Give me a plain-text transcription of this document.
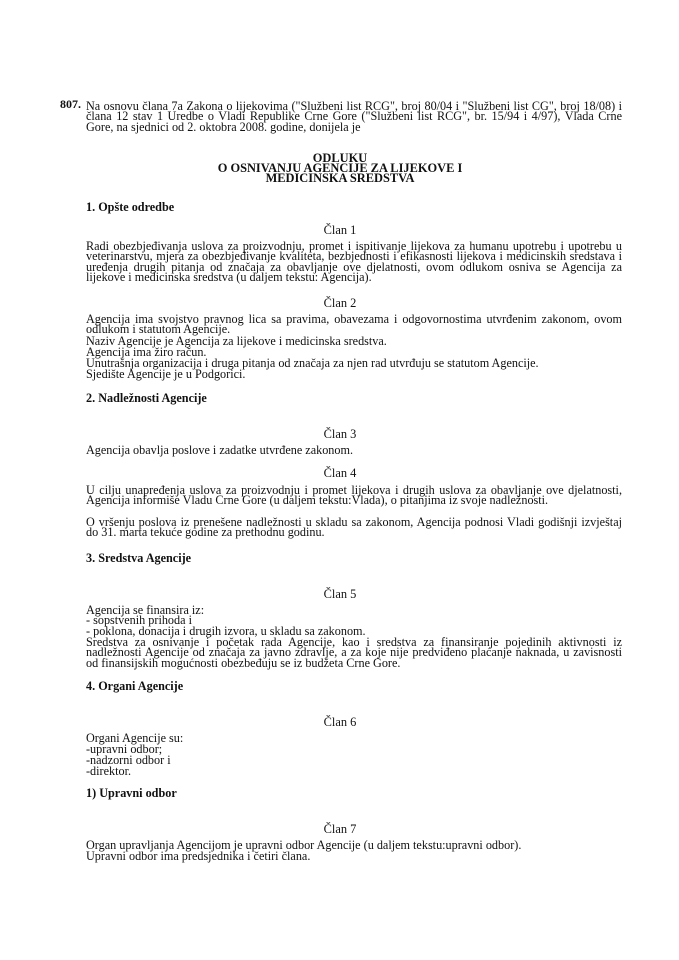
807. Na osnovu člana 7a Zakona o lijekovima ("Službeni list RCG", broj 80/04 i "Službeni list CG", broj 18/08) i člana 12 stav 1 Uredbe o Vladi Republike Crne Gore ("Službeni list RCG", br. 15/94 i 4/97), Vlada Crne Gore, na sjednici od 2. oktobra 2008. godine, donijela je

ODLUKU

O OSNIVANJU AGENCIJE ZA LIJEKOVE I

MEDICINSKA SREDSTVA

1. Opšte odredbe

Član 1

Radi obezbjeđivanja uslova za proizvodnju, promet i ispitivanje lijekova za humanu upotrebu i upotrebu u veterinarstvu, mjera za obezbjeđivanje kvaliteta, bezbjednosti i efikasnosti lijekova i medicinskih sredstava i uređenja drugih pitanja od značaja za obavljanje ove djelatnosti, ovom odlukom osniva se Agencija za lijekove i medicinska sredstva (u daljem tekstu: Agencija).

Član 2

Agencija ima svojstvo pravnog lica sa pravima, obavezama i odgovornostima utvrđenim zakonom, ovom odlukom i statutom Agencije.

Naziv Agencije je Agencija za lijekove i medicinska sredstva.

Agencija ima žiro račun.

Unutrašnja organizacija i druga pitanja od značaja za njen rad utvrđuju se statutom Agencije.

Sjedište Agencije je u Podgorici.

2. Nadležnosti Agencije

Član 3

Agencija obavlja poslove i zadatke utvrđene zakonom.

Član 4

U cilju unapređenja uslova za proizvodnju i promet lijekova i drugih uslova za obavljanje ove djelatnosti, Agencija informiše Vladu Crne Gore (u daljem tekstu:Vlada), o pitanjima iz svoje nadležnosti.

O vršenju poslova iz prenešene nadležnosti u skladu sa zakonom, Agencija podnosi Vladi godišnji izvještaj do 31. marta tekuće godine za prethodnu godinu.

3. Sredstva Agencije

Član 5

Agencija se finansira iz:

- sopstvenih prihoda i

- poklona, donacija i drugih izvora, u skladu sa zakonom.

Sredstva za osnivanje i početak rada Agencije, kao i sredstva za finansiranje pojedinih aktivnosti iz nadležnosti Agencije od značaja za javno zdravlje, a za koje nije predviđeno plaćanje naknada, u zavisnosti od finansijskih mogućnosti obezbeđuju se iz budžeta Crne Gore.

4. Organi Agencije

Član 6

Organi Agencije su:

-upravni odbor;

-nadzorni odbor i

-direktor.

1) Upravni odbor

Član 7

Organ upravljanja Agencijom je upravni odbor Agencije (u daljem tekstu:upravni odbor).

Upravni odbor ima predsjednika i četiri člana.
